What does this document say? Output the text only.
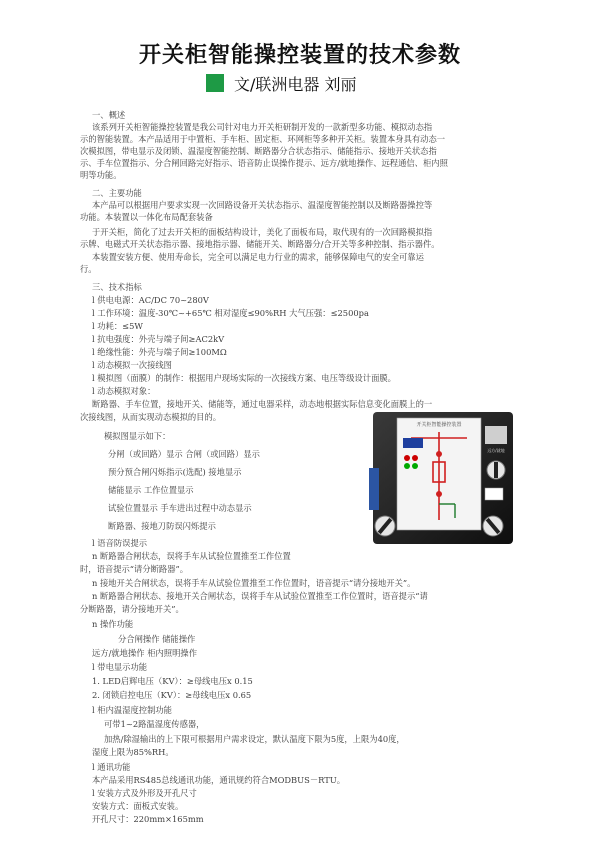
开关柜智能操控装置的技术参数
文/联洲电器 刘丽
一、概述
该系列开关柜智能操控装置是我公司针对电力开关柜研制开发的一款新型多功能、模拟动态指
示的智能装置。本产品适用于中置柜、手车柜、固定柜、环网柜等多种开关柜。装置本身具有动态一
次模拟图，带电显示及闭锁、温湿度智能控制、断路器分合状态指示、储能指示、接地开关状态指
示、手车位置指示、分合闸回路完好指示、语音防止误操作提示、远方/就地操作、远程通信、柜内照
明等功能。
二、主要功能
本产品可以根据用户要求实现一次回路设备开关状态指示、温湿度智能控制以及断路器操控等
功能。本装置以一体化布局配套装备
于开关柜，简化了过去开关柜的面板结构设计，美化了面板布局，取代现有的一次回路模拟指
示牌、电磁式开关状态指示器、接地指示器、储能开关、断路器分/合开关等多种控制、指示器件。
本装置安装方便、使用寿命长，完全可以满足电力行业的需求，能够保障电气的安全可靠运
行。
三、技术指标
l 供电电源：AC/DC 70~280V
l 工作环境：温度-30℃~+65℃ 相对湿度≤90%RH 大气压强：≤2500pa
l 功耗：≤5W
l 抗电强度：外壳与端子间≥AC2kV
l 绝缘性能：外壳与端子间≥100MΩ
l 动态模拟一次接线图
l 模拟图（面膜）的制作：根据用户现场实际的一次接线方案、电压等级设计面膜。
l 动态模拟对象：
断路器、手车位置，接地开关、储能等，通过电器采样，动态地根据实际信息变化面膜上的一
次接线图，从而实现动态模拟的目的。
模拟图显示如下：
分闸（或回路）显示 合闸（或回路）显示
预分预合闸闪烁指示(选配) 接地显示
储能显示 工作位置显示
试验位置显示 手车进出过程中动态显示
断路器、接地刀防误闪烁提示
l 语音防误提示
n 断路器合闸状态，误将手车从试验位置推至工作位置
时，语音提示“请分断路器”。
n 接地开关合闸状态，误将手车从试验位置推至工作位置时，语音提示“请分接地开关”。
n 断路器合闸状态、接地开关合闸状态，误将手车从试验位置推至工作位置时，语音提示“请
分断路器，请分接地开关”。
n 操作功能
分合闸操作 储能操作
远方/就地操作 柜内照明操作
l 带电显示功能
1. LED启辉电压（KV）：≥母线电压x 0.15
2. 闭锁启控电压（KV）：≥母线电压x 0.65
l 柜内温湿度控制功能
可带1~2路温湿度传感器，
加热/除湿输出的上下限可根据用户需求设定，默认温度下限为5度，上限为40度，
湿度上限为85%RH。
l 通讯功能
本产品采用RS485总线通讯功能，通讯规约符合MODBUS－RTU。
l 安装方式及外形及开孔尺寸
安装方式：面板式安装。
开孔尺寸：220mm×165mm
开关柜智能操控装置
远方/就地
